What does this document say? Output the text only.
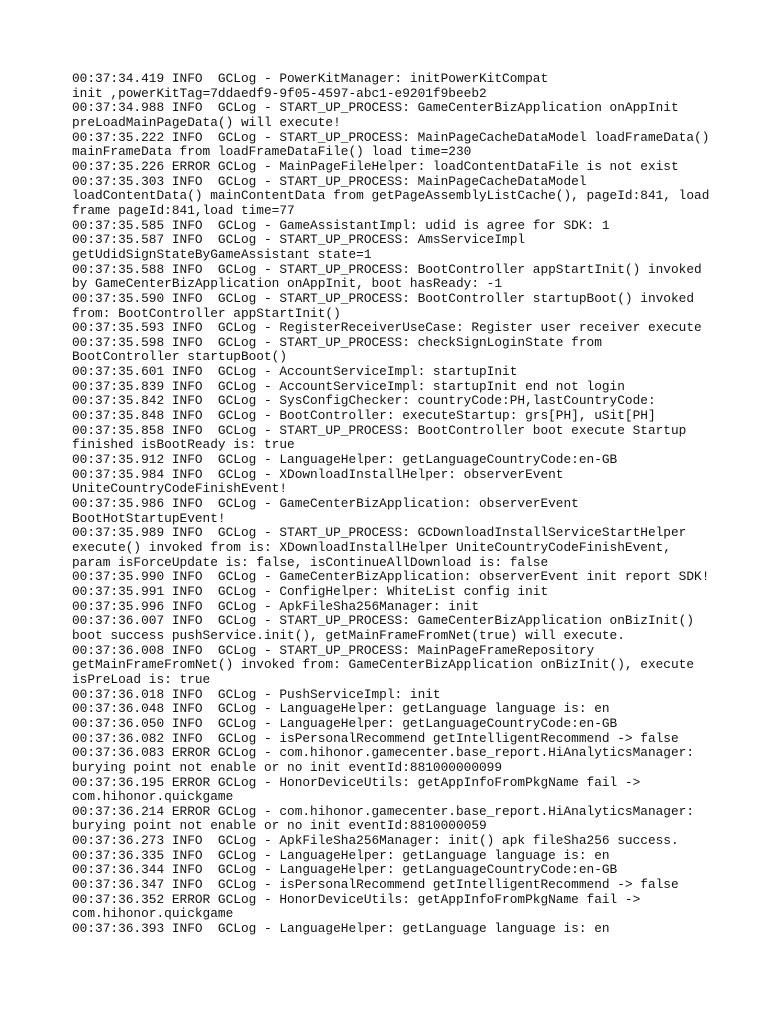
00:37:34.419 INFO  GCLog - PowerKitManager: initPowerKitCompat
init ,powerKitTag=7ddaedf9-9f05-4597-abc1-e9201f9beeb2
00:37:34.988 INFO  GCLog - START_UP_PROCESS: GameCenterBizApplication onAppInit
preLoadMainPageData() will execute!
00:37:35.222 INFO  GCLog - START_UP_PROCESS: MainPageCacheDataModel loadFrameData()
mainFrameData from loadFrameDataFile() load time=230
00:37:35.226 ERROR GCLog - MainPageFileHelper: loadContentDataFile is not exist
00:37:35.303 INFO  GCLog - START_UP_PROCESS: MainPageCacheDataModel
loadContentData() mainContentData from getPageAssemblyListCache(), pageId:841, load
frame pageId:841,load time=77
00:37:35.585 INFO  GCLog - GameAssistantImpl: udid is agree for SDK: 1
00:37:35.587 INFO  GCLog - START_UP_PROCESS: AmsServiceImpl
getUdidSignStateByGameAssistant state=1
00:37:35.588 INFO  GCLog - START_UP_PROCESS: BootController appStartInit() invoked
by GameCenterBizApplication onAppInit, boot hasReady: -1
00:37:35.590 INFO  GCLog - START_UP_PROCESS: BootController startupBoot() invoked
from: BootController appStartInit()
00:37:35.593 INFO  GCLog - RegisterReceiverUseCase: Register user receiver execute
00:37:35.598 INFO  GCLog - START_UP_PROCESS: checkSignLoginState from
BootController startupBoot()
00:37:35.601 INFO  GCLog - AccountServiceImpl: startupInit
00:37:35.839 INFO  GCLog - AccountServiceImpl: startupInit end not login
00:37:35.842 INFO  GCLog - SysConfigChecker: countryCode:PH,lastCountryCode:
00:37:35.848 INFO  GCLog - BootController: executeStartup: grs[PH], uSit[PH]
00:37:35.858 INFO  GCLog - START_UP_PROCESS: BootController boot execute Startup
finished isBootReady is: true
00:37:35.912 INFO  GCLog - LanguageHelper: getLanguageCountryCode:en-GB
00:37:35.984 INFO  GCLog - XDownloadInstallHelper: observerEvent
UniteCountryCodeFinishEvent!
00:37:35.986 INFO  GCLog - GameCenterBizApplication: observerEvent
BootHotStartupEvent!
00:37:35.989 INFO  GCLog - START_UP_PROCESS: GCDownloadInstallServiceStartHelper
execute() invoked from is: XDownloadInstallHelper UniteCountryCodeFinishEvent,
param isForceUpdate is: false, isContinueAllDownload is: false
00:37:35.990 INFO  GCLog - GameCenterBizApplication: observerEvent init report SDK!
00:37:35.991 INFO  GCLog - ConfigHelper: WhiteList config init
00:37:35.996 INFO  GCLog - ApkFileSha256Manager: init
00:37:36.007 INFO  GCLog - START_UP_PROCESS: GameCenterBizApplication onBizInit()
boot success pushService.init(), getMainFrameFromNet(true) will execute.
00:37:36.008 INFO  GCLog - START_UP_PROCESS: MainPageFrameRepository
getMainFrameFromNet() invoked from: GameCenterBizApplication onBizInit(), execute
isPreLoad is: true
00:37:36.018 INFO  GCLog - PushServiceImpl: init
00:37:36.048 INFO  GCLog - LanguageHelper: getLanguage language is: en
00:37:36.050 INFO  GCLog - LanguageHelper: getLanguageCountryCode:en-GB
00:37:36.082 INFO  GCLog - isPersonalRecommend getIntelligentRecommend -> false
00:37:36.083 ERROR GCLog - com.hihonor.gamecenter.base_report.HiAnalyticsManager:
burying point not enable or no init eventId:881000000099
00:37:36.195 ERROR GCLog - HonorDeviceUtils: getAppInfoFromPkgName fail ->
com.hihonor.quickgame
00:37:36.214 ERROR GCLog - com.hihonor.gamecenter.base_report.HiAnalyticsManager:
burying point not enable or no init eventId:8810000059
00:37:36.273 INFO  GCLog - ApkFileSha256Manager: init() apk fileSha256 success.
00:37:36.335 INFO  GCLog - LanguageHelper: getLanguage language is: en
00:37:36.344 INFO  GCLog - LanguageHelper: getLanguageCountryCode:en-GB
00:37:36.347 INFO  GCLog - isPersonalRecommend getIntelligentRecommend -> false
00:37:36.352 ERROR GCLog - HonorDeviceUtils: getAppInfoFromPkgName fail ->
com.hihonor.quickgame
00:37:36.393 INFO  GCLog - LanguageHelper: getLanguage language is: en
